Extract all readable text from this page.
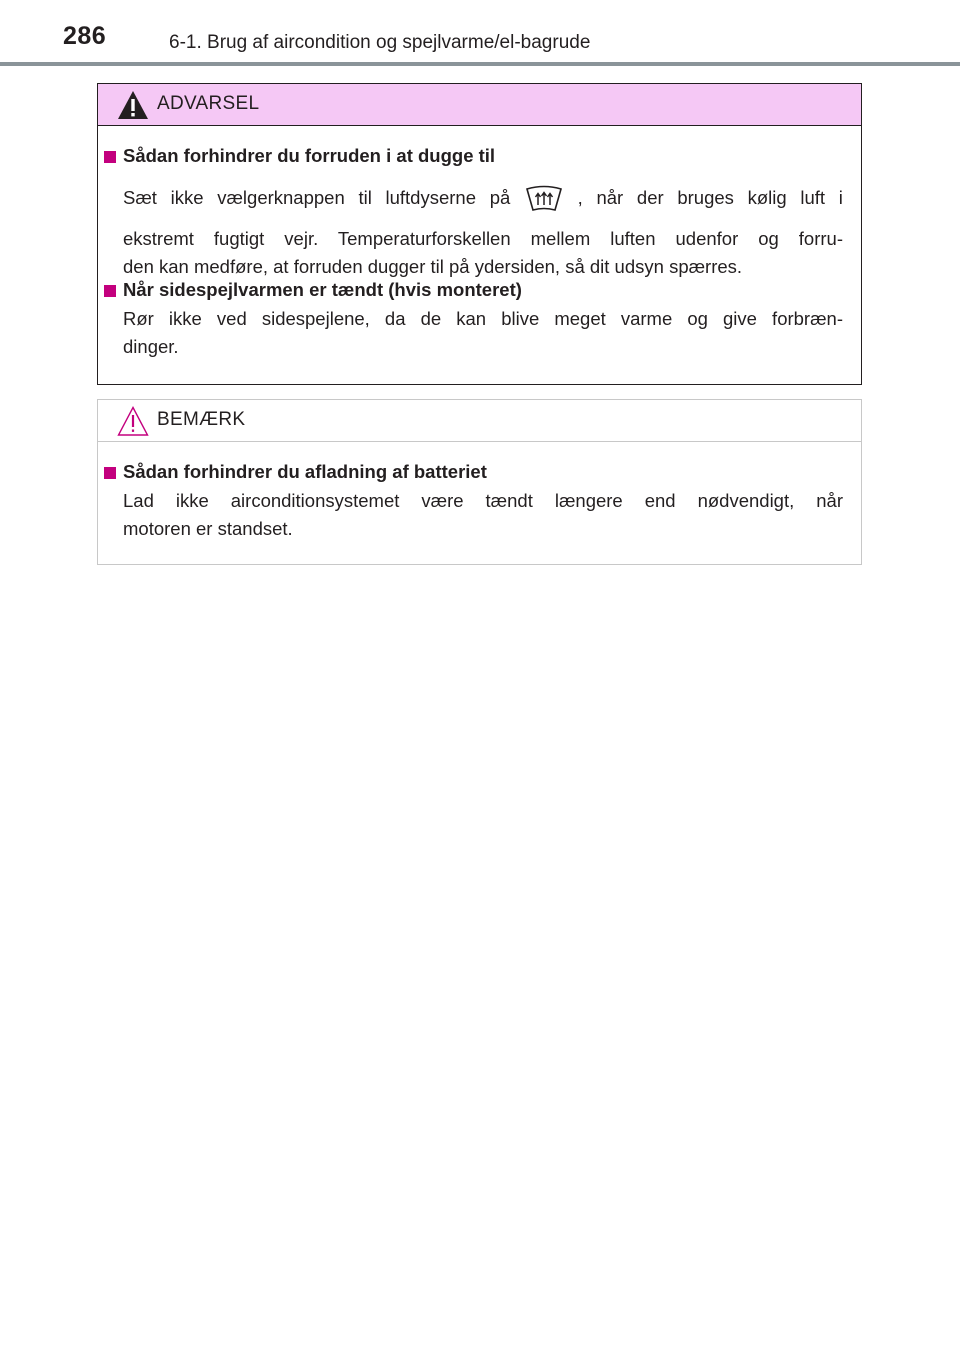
286	6-1. Brug af aircondition og spejlvarme/el-bagrude
ADVARSEL
Sådan forhindrer du forruden i at dugge til
Sæt ikke vælgerknappen til luftdyserne på	, når der bruges kølig luft i
ekstremt fugtigt vejr. Temperaturforskellen mellem luften udenfor og forru-
den kan medføre, at forruden dugger til på ydersiden, så dit udsyn spærres.
Når sidespejlvarmen er tændt (hvis monteret)
Rør ikke ved sidespejlene, da de kan blive meget varme og give forbræn-
dinger.
BEMÆRK
Sådan forhindrer du afladning af batteriet
Lad ikke airconditionsystemet være tændt længere end nødvendigt, når
motoren er standset.
